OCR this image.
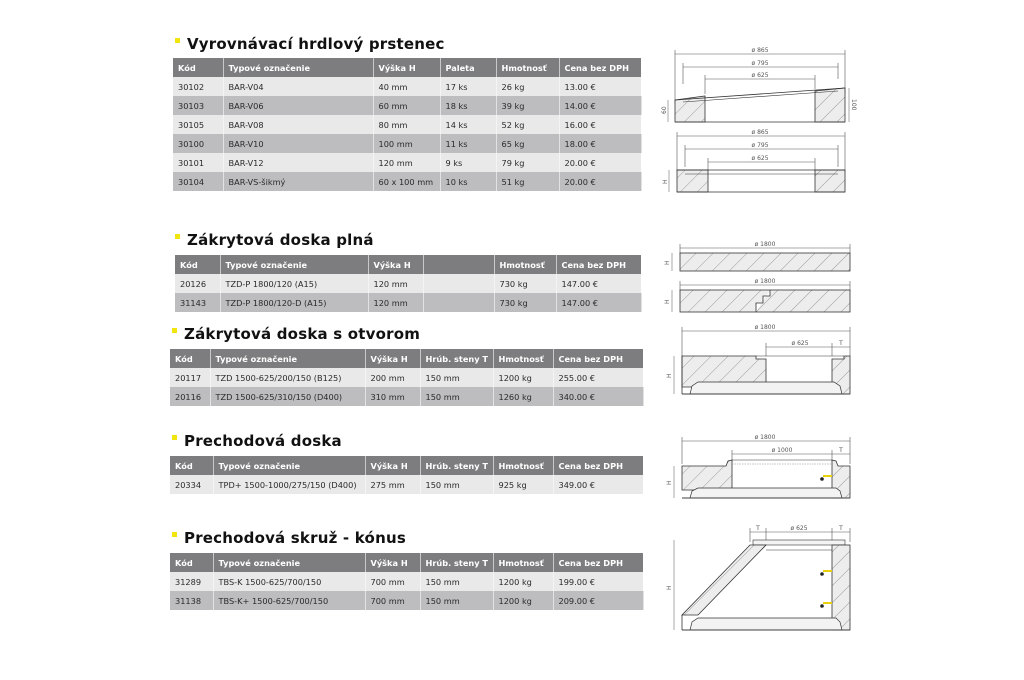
Vyrovnávací hrdlový prstenec
Kód	Typové označenie	Výška H	Paleta	Hmotnosť	Cena bez DPH
30102	BAR-V04	40 mm	17 ks	26 kg	13.00 €
30103	BAR-V06	60 mm	18 ks	39 kg	14.00 €
30105	BAR-V08	80 mm	14 ks	52 kg	16.00 €
30100	BAR-V10	100 mm	11 ks	65 kg	18.00 €
30101	BAR-V12	120 mm	9 ks	79 kg	20.00 €
30104	BAR-VS-šikmý	60 x 100 mm	10 ks	51 kg	20.00 €
ø 865
ø 795
ø 625
60	100
ø 865
ø 795
ø 625
H
Zákrytová doska plná
Kód	Typové označenie	Výška H		Hmotnosť	Cena bez DPH
20126	TZD-P 1800/120 (A15)	120 mm		730 kg	147.00 €
31143	TZD-P 1800/120-D (A15)	120 mm		730 kg	147.00 €
ø 1800
H
ø 1800
H
Zákrytová doska s otvorom
Kód	Typové označenie	Výška H	Hrúb. steny T	Hmotnosť	Cena bez DPH
20117	TZD 1500-625/200/150 (B125)	200 mm	150 mm	1200 kg	255.00 €
20116	TZD 1500-625/310/150 (D400)	310 mm	150 mm	1260 kg	340.00 €
ø 1800
ø 625	T
H
Prechodová doska
Kód	Typové označenie	Výška H	Hrúb. steny T	Hmotnosť	Cena bez DPH
20334	TPD+ 1500-1000/275/150 (D400)	275 mm	150 mm	925 kg	349.00 €
ø 1800
ø 1000	T
H
Prechodová skruž - kónus
Kód	Typové označenie	Výška H	Hrúb. steny T	Hmotnosť	Cena bez DPH
31289	TBS-K 1500-625/700/150	700 mm	150 mm	1200 kg	199.00 €
31138	TBS-K+ 1500-625/700/150	700 mm	150 mm	1200 kg	209.00 €
T	ø 625	T
H
